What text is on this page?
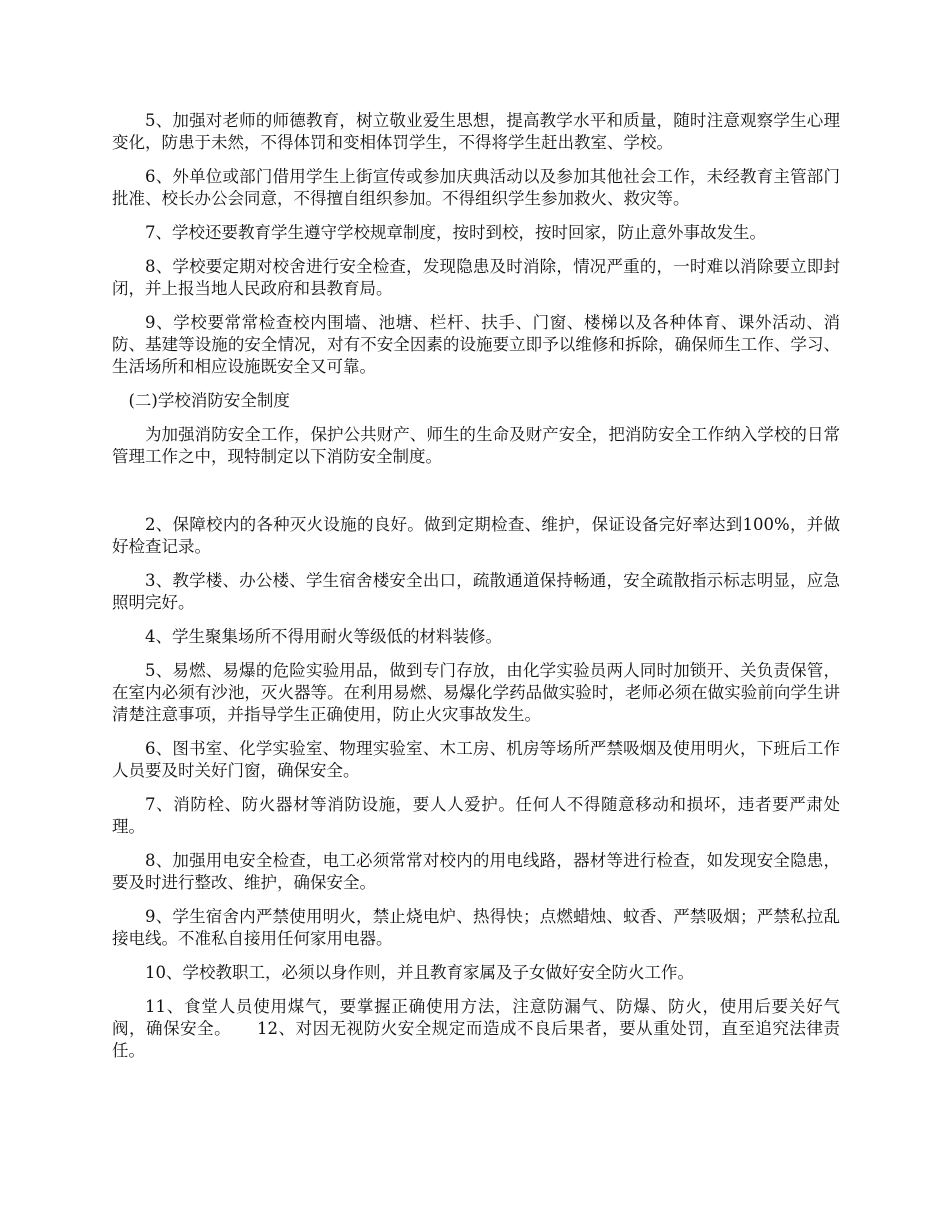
5、加强对老师的师德教育，树立敬业爱生思想，提高教学水平和质量，随时注意观察学生心理变化，防患于未然，不得体罚和变相体罚学生，不得将学生赶出教室、学校。

6、外单位或部门借用学生上街宣传或参加庆典活动以及参加其他社会工作，未经教育主管部门批准、校长办公会同意，不得擅自组织参加。不得组织学生参加救火、救灾等。

7、学校还要教育学生遵守学校规章制度，按时到校，按时回家，防止意外事故发生。

8、学校要定期对校舍进行安全检查，发现隐患及时消除，情况严重的，一时难以消除要立即封闭，并上报当地人民政府和县教育局。

9、学校要常常检查校内围墙、池塘、栏杆、扶手、门窗、楼梯以及各种体育、课外活动、消防、基建等设施的安全情况，对有不安全因素的设施要立即予以维修和拆除，确保师生工作、学习、生活场所和相应设施既安全又可靠。

(二)学校消防安全制度

为加强消防安全工作，保护公共财产、师生的生命及财产安全，把消防安全工作纳入学校的日常管理工作之中，现特制定以下消防安全制度。

2、保障校内的各种灭火设施的良好。做到定期检查、维护，保证设备完好率达到100%，并做好检查记录。

3、教学楼、办公楼、学生宿舍楼安全出口，疏散通道保持畅通，安全疏散指示标志明显，应急照明完好。

4、学生聚集场所不得用耐火等级低的材料装修。

5、易燃、易爆的危险实验用品，做到专门存放，由化学实验员两人同时加锁开、关负责保管，在室内必须有沙池，灭火器等。在利用易燃、易爆化学药品做实验时，老师必须在做实验前向学生讲清楚注意事项，并指导学生正确使用，防止火灾事故发生。

6、图书室、化学实验室、物理实验室、木工房、机房等场所严禁吸烟及使用明火，下班后工作人员要及时关好门窗，确保安全。

7、消防栓、防火器材等消防设施，要人人爱护。任何人不得随意移动和损坏，违者要严肃处理。

8、加强用电安全检查，电工必须常常对校内的用电线路，器材等进行检查，如发现安全隐患，要及时进行整改、维护，确保安全。

9、学生宿舍内严禁使用明火，禁止烧电炉、热得快；点燃蜡烛、蚊香、严禁吸烟；严禁私拉乱接电线。不准私自接用任何家用电器。

10、学校教职工，必须以身作则，并且教育家属及子女做好安全防火工作。

11、食堂人员使用煤气，要掌握正确使用方法，注意防漏气、防爆、防火，使用后要关好气阀，确保安全。　　12、对因无视防火安全规定而造成不良后果者，要从重处罚，直至追究法律责任。
